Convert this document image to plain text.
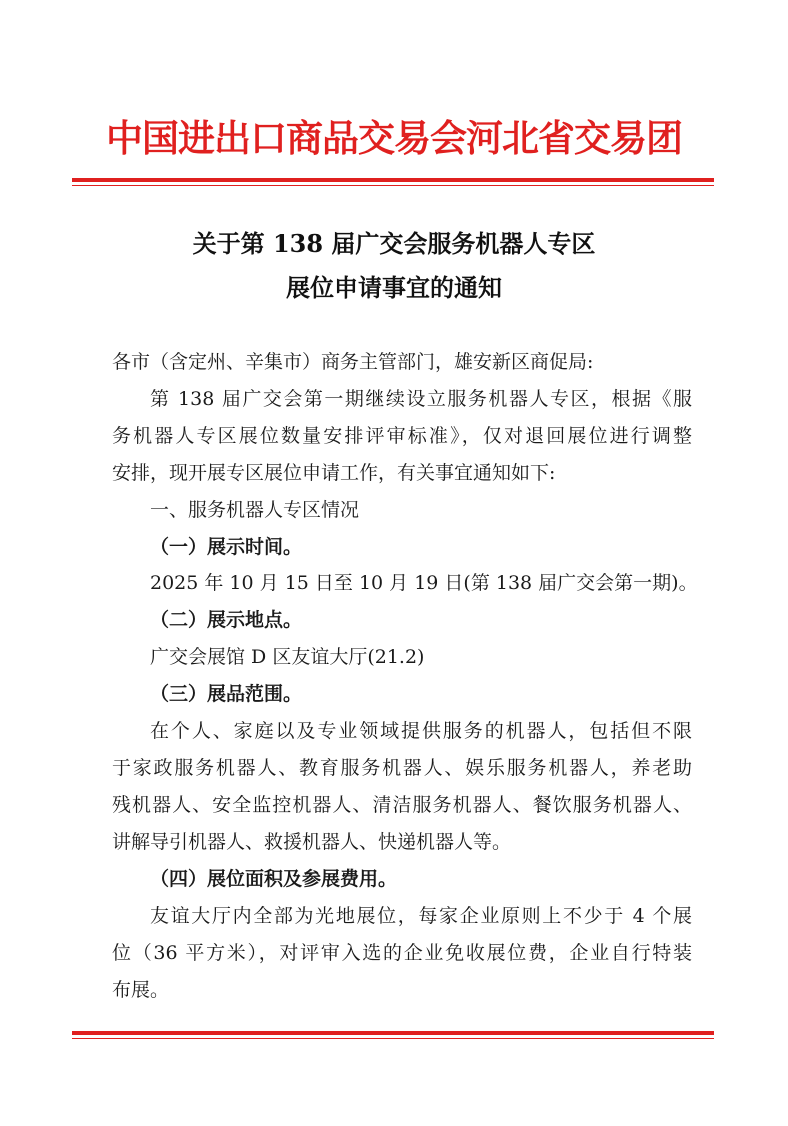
中国进出口商品交易会河北省交易团
关于第 138 届广交会服务机器人专区
展位申请事宜的通知
各市（含定州、辛集市）商务主管部门，雄安新区商促局:
第 138 届广交会第一期继续设立服务机器人专区，根据《服
务机器人专区展位数量安排评审标准》，仅对退回展位进行调整
安排，现开展专区展位申请工作，有关事宜通知如下:
一、服务机器人专区情况
（一）展示时间。
2025 年 10 月 15 日至 10 月 19 日(第 138 届广交会第一期)。
（二）展示地点。
广交会展馆 D 区友谊大厅(21.2)
（三）展品范围。
在个人、家庭以及专业领域提供服务的机器人，包括但不限
于家政服务机器人、教育服务机器人、娱乐服务机器人，养老助
残机器人、安全监控机器人、清洁服务机器人、餐饮服务机器人、
讲解导引机器人、救援机器人、快递机器人等。
（四）展位面积及参展费用。
友谊大厅内全部为光地展位，每家企业原则上不少于 4 个展
位（36 平方米），对评审入选的企业免收展位费，企业自行特装
布展。
